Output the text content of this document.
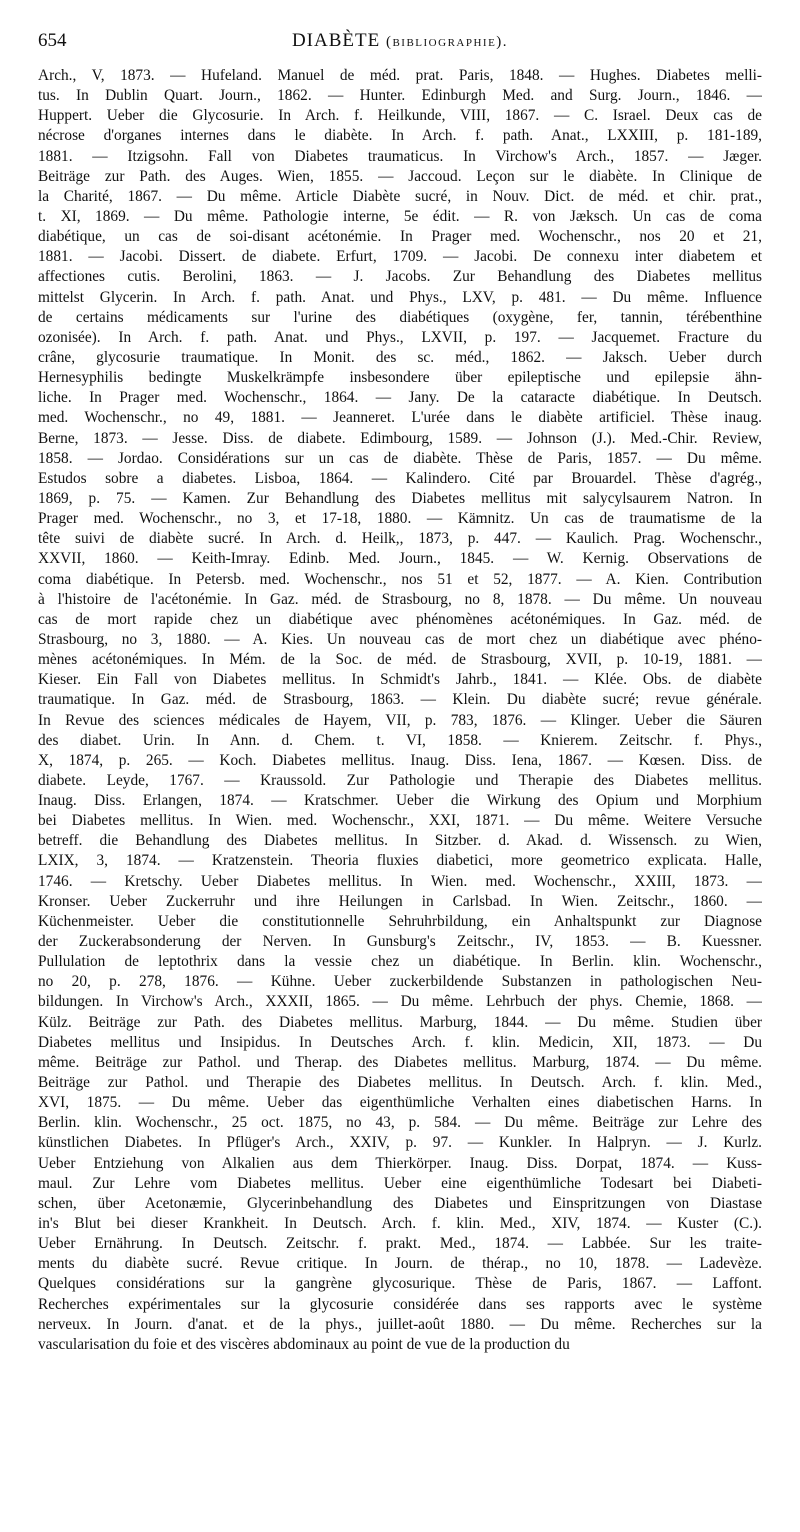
654	DIABÈTE (bibliographie).
Arch., V, 1873. — Hufeland. Manuel de méd. prat. Paris, 1848. — Hughes. Diabetes melli-
tus. In Dublin Quart. Journ., 1862. — Hunter. Edinburgh Med. and Surg. Journ., 1846. —
Huppert. Ueber die Glycosurie. In Arch. f. Heilkunde, VIII, 1867. — C. Israel. Deux cas de
nécrose d'organes internes dans le diabète. In Arch. f. path. Anat., LXXIII, p. 181-189,
1881. — Itzigsohn. Fall von Diabetes traumaticus. In Virchow's Arch., 1857. — Jæger.
Beiträge zur Path. des Auges. Wien, 1855. — Jaccoud. Leçon sur le diabète. In Clinique de
la Charité, 1867. — Du même. Article Diabète sucré, in Nouv. Dict. de méd. et chir. prat.,
t. XI, 1869. — Du même. Pathologie interne, 5e édit. — R. von Jæksch. Un cas de coma
diabétique, un cas de soi-disant acétonémie. In Prager med. Wochenschr., nos 20 et 21,
1881. — Jacobi. Dissert. de diabete. Erfurt, 1709. — Jacobi. De connexu inter diabetem et
affectiones cutis. Berolini, 1863. — J. Jacobs. Zur Behandlung des Diabetes mellitus
mittelst Glycerin. In Arch. f. path. Anat. und Phys., LXV, p. 481. — Du même. Influence
de certains médicaments sur l'urine des diabétiques (oxygène, fer, tannin, térébenthine
ozonisée). In Arch. f. path. Anat. und Phys., LXVII, p. 197. — Jacquemet. Fracture du
crâne, glycosurie traumatique. In Monit. des sc. méd., 1862. — Jaksch. Ueber durch
Hernesyphilis bedingte Muskelkrämpfe insbesondere über epileptische und epilepsie ähn-
liche. In Prager med. Wochenschr., 1864. — Jany. De la cataracte diabétique. In Deutsch.
med. Wochenschr., no 49, 1881. — Jeanneret. L'urée dans le diabète artificiel. Thèse inaug.
Berne, 1873. — Jesse. Diss. de diabete. Edimbourg, 1589. — Johnson (J.). Med.-Chir. Review,
1858. — Jordao. Considérations sur un cas de diabète. Thèse de Paris, 1857. — Du même.
Estudos sobre a diabetes. Lisboa, 1864. — Kalindero. Cité par Brouardel. Thèse d'agrég.,
1869, p. 75. — Kamen. Zur Behandlung des Diabetes mellitus mit salycylsaurem Natron. In
Prager med. Wochenschr., no 3, et 17-18, 1880. — Kämnitz. Un cas de traumatisme de la
tête suivi de diabète sucré. In Arch. d. Heilk,, 1873, p. 447. — Kaulich. Prag. Wochenschr.,
XXVII, 1860. — Keith-Imray. Edinb. Med. Journ., 1845. — W. Kernig. Observations de
coma diabétique. In Petersb. med. Wochenschr., nos 51 et 52, 1877. — A. Kien. Contribution
à l'histoire de l'acétonémie. In Gaz. méd. de Strasbourg, no 8, 1878. — Du même. Un nouveau
cas de mort rapide chez un diabétique avec phénomènes acétonémiques. In Gaz. méd. de
Strasbourg, no 3, 1880. — A. Kies. Un nouveau cas de mort chez un diabétique avec phéno-
mènes acétonémiques. In Mém. de la Soc. de méd. de Strasbourg, XVII, p. 10-19, 1881. —
Kieser. Ein Fall von Diabetes mellitus. In Schmidt's Jahrb., 1841. — Klée. Obs. de diabète
traumatique. In Gaz. méd. de Strasbourg, 1863. — Klein. Du diabète sucré; revue générale.
In Revue des sciences médicales de Hayem, VII, p. 783, 1876. — Klinger. Ueber die Säuren
des diabet. Urin. In Ann. d. Chem. t. VI, 1858. — Knierem. Zeitschr. f. Phys.,
X, 1874, p. 265. — Koch. Diabetes mellitus. Inaug. Diss. Iena, 1867. — Kœsen. Diss. de
diabete. Leyde, 1767. — Kraussold. Zur Pathologie und Therapie des Diabetes mellitus.
Inaug. Diss. Erlangen, 1874. — Kratschmer. Ueber die Wirkung des Opium und Morphium
bei Diabetes mellitus. In Wien. med. Wochenschr., XXI, 1871. — Du même. Weitere Versuche
betreff. die Behandlung des Diabetes mellitus. In Sitzber. d. Akad. d. Wissensch. zu Wien,
LXIX, 3, 1874. — Kratzenstein. Theoria fluxies diabetici, more geometrico explicata. Halle,
1746. — Kretschy. Ueber Diabetes mellitus. In Wien. med. Wochenschr., XXIII, 1873. —
Kronser. Ueber Zuckerruhr und ihre Heilungen in Carlsbad. In Wien. Zeitschr., 1860. —
Küchenmeister. Ueber die constitutionnelle Sehruhrbildung, ein Anhaltspunkt zur Diagnose
der Zuckerabsonderung der Nerven. In Gunsburg's Zeitschr., IV, 1853. — B. Kuessner.
Pullulation de leptothrix dans la vessie chez un diabétique. In Berlin. klin. Wochenschr.,
no 20, p. 278, 1876. — Kühne. Ueber zuckerbildende Substanzen in pathologischen Neu-
bildungen. In Virchow's Arch., XXXII, 1865. — Du même. Lehrbuch der phys. Chemie, 1868. —
Külz. Beiträge zur Path. des Diabetes mellitus. Marburg, 1844. — Du même. Studien über
Diabetes mellitus und Insipidus. In Deutsches Arch. f. klin. Medicin, XII, 1873. — Du
même. Beiträge zur Pathol. und Therap. des Diabetes mellitus. Marburg, 1874. — Du même.
Beiträge zur Pathol. und Therapie des Diabetes mellitus. In Deutsch. Arch. f. klin. Med.,
XVI, 1875. — Du même. Ueber das eigenthümliche Verhalten eines diabetischen Harns. In
Berlin. klin. Wochenschr., 25 oct. 1875, no 43, p. 584. — Du même. Beiträge zur Lehre des
künstlichen Diabetes. In Pflüger's Arch., XXIV, p. 97. — Kunkler. In Halpryn. — J. Kurlz.
Ueber Entziehung von Alkalien aus dem Thierkörper. Inaug. Diss. Dorpat, 1874. — Kuss-
maul. Zur Lehre vom Diabetes mellitus. Ueber eine eigenthümliche Todesart bei Diabeti-
schen, über Acetonæmie, Glycerinbehandlung des Diabetes und Einspritzungen von Diastase
in's Blut bei dieser Krankheit. In Deutsch. Arch. f. klin. Med., XIV, 1874. — Kuster (C.).
Ueber Ernährung. In Deutsch. Zeitschr. f. prakt. Med., 1874. — Labbée. Sur les traite-
ments du diabète sucré. Revue critique. In Journ. de thérap., no 10, 1878. — Ladevèze.
Quelques considérations sur la gangrène glycosurique. Thèse de Paris, 1867. — Laffont.
Recherches expérimentales sur la glycosurie considérée dans ses rapports avec le système
nerveux. In Journ. d'anat. et de la phys., juillet-août 1880. — Du même. Recherches sur la
vascularisation du foie et des viscères abdominaux au point de vue de la production du
